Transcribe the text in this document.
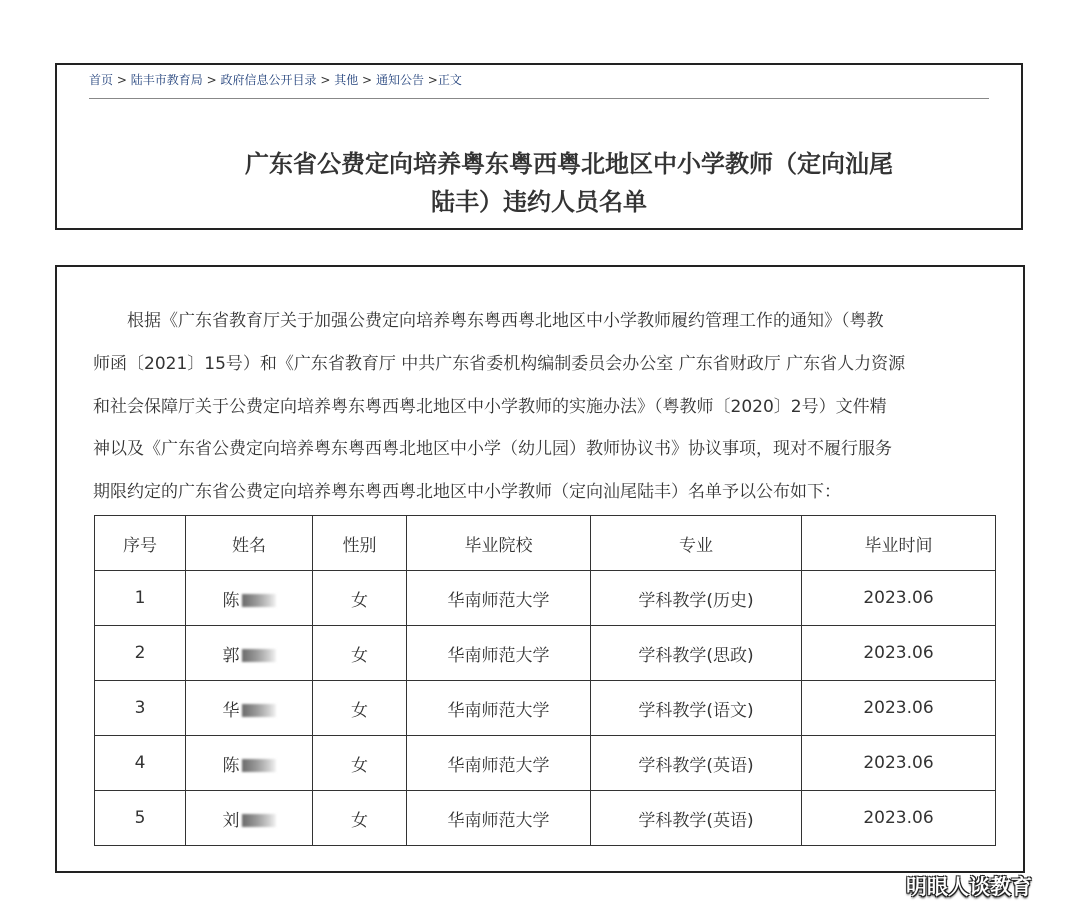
首页 > 陆丰市教育局 > 政府信息公开目录 > 其他 > 通知公告 >正文
广东省公费定向培养粤东粤西粤北地区中小学教师（定向汕尾
陆丰）违约人员名单
根据《广东省教育厅关于加强公费定向培养粤东粤西粤北地区中小学教师履约管理工作的通知》（粤教
师函〔2021〕15号）和《广东省教育厅 中共广东省委机构编制委员会办公室 广东省财政厅 广东省人力资源
和社会保障厅关于公费定向培养粤东粤西粤北地区中小学教师的实施办法》（粤教师〔2020〕2号）文件精
神以及《广东省公费定向培养粤东粤西粤北地区中小学（幼儿园）教师协议书》协议事项，现对不履行服务
期限约定的广东省公费定向培养粤东粤西粤北地区中小学教师（定向汕尾陆丰）名单予以公布如下：
序号	姓名	性别	毕业院校	专业	毕业时间
1	陈	女	华南师范大学	学科教学(历史)	2023.06
2	郭	女	华南师范大学	学科教学(思政)	2023.06
3	华	女	华南师范大学	学科教学(语文)	2023.06
4	陈	女	华南师范大学	学科教学(英语)	2023.06
5	刘	女	华南师范大学	学科教学(英语)	2023.06
明眼人谈教育
